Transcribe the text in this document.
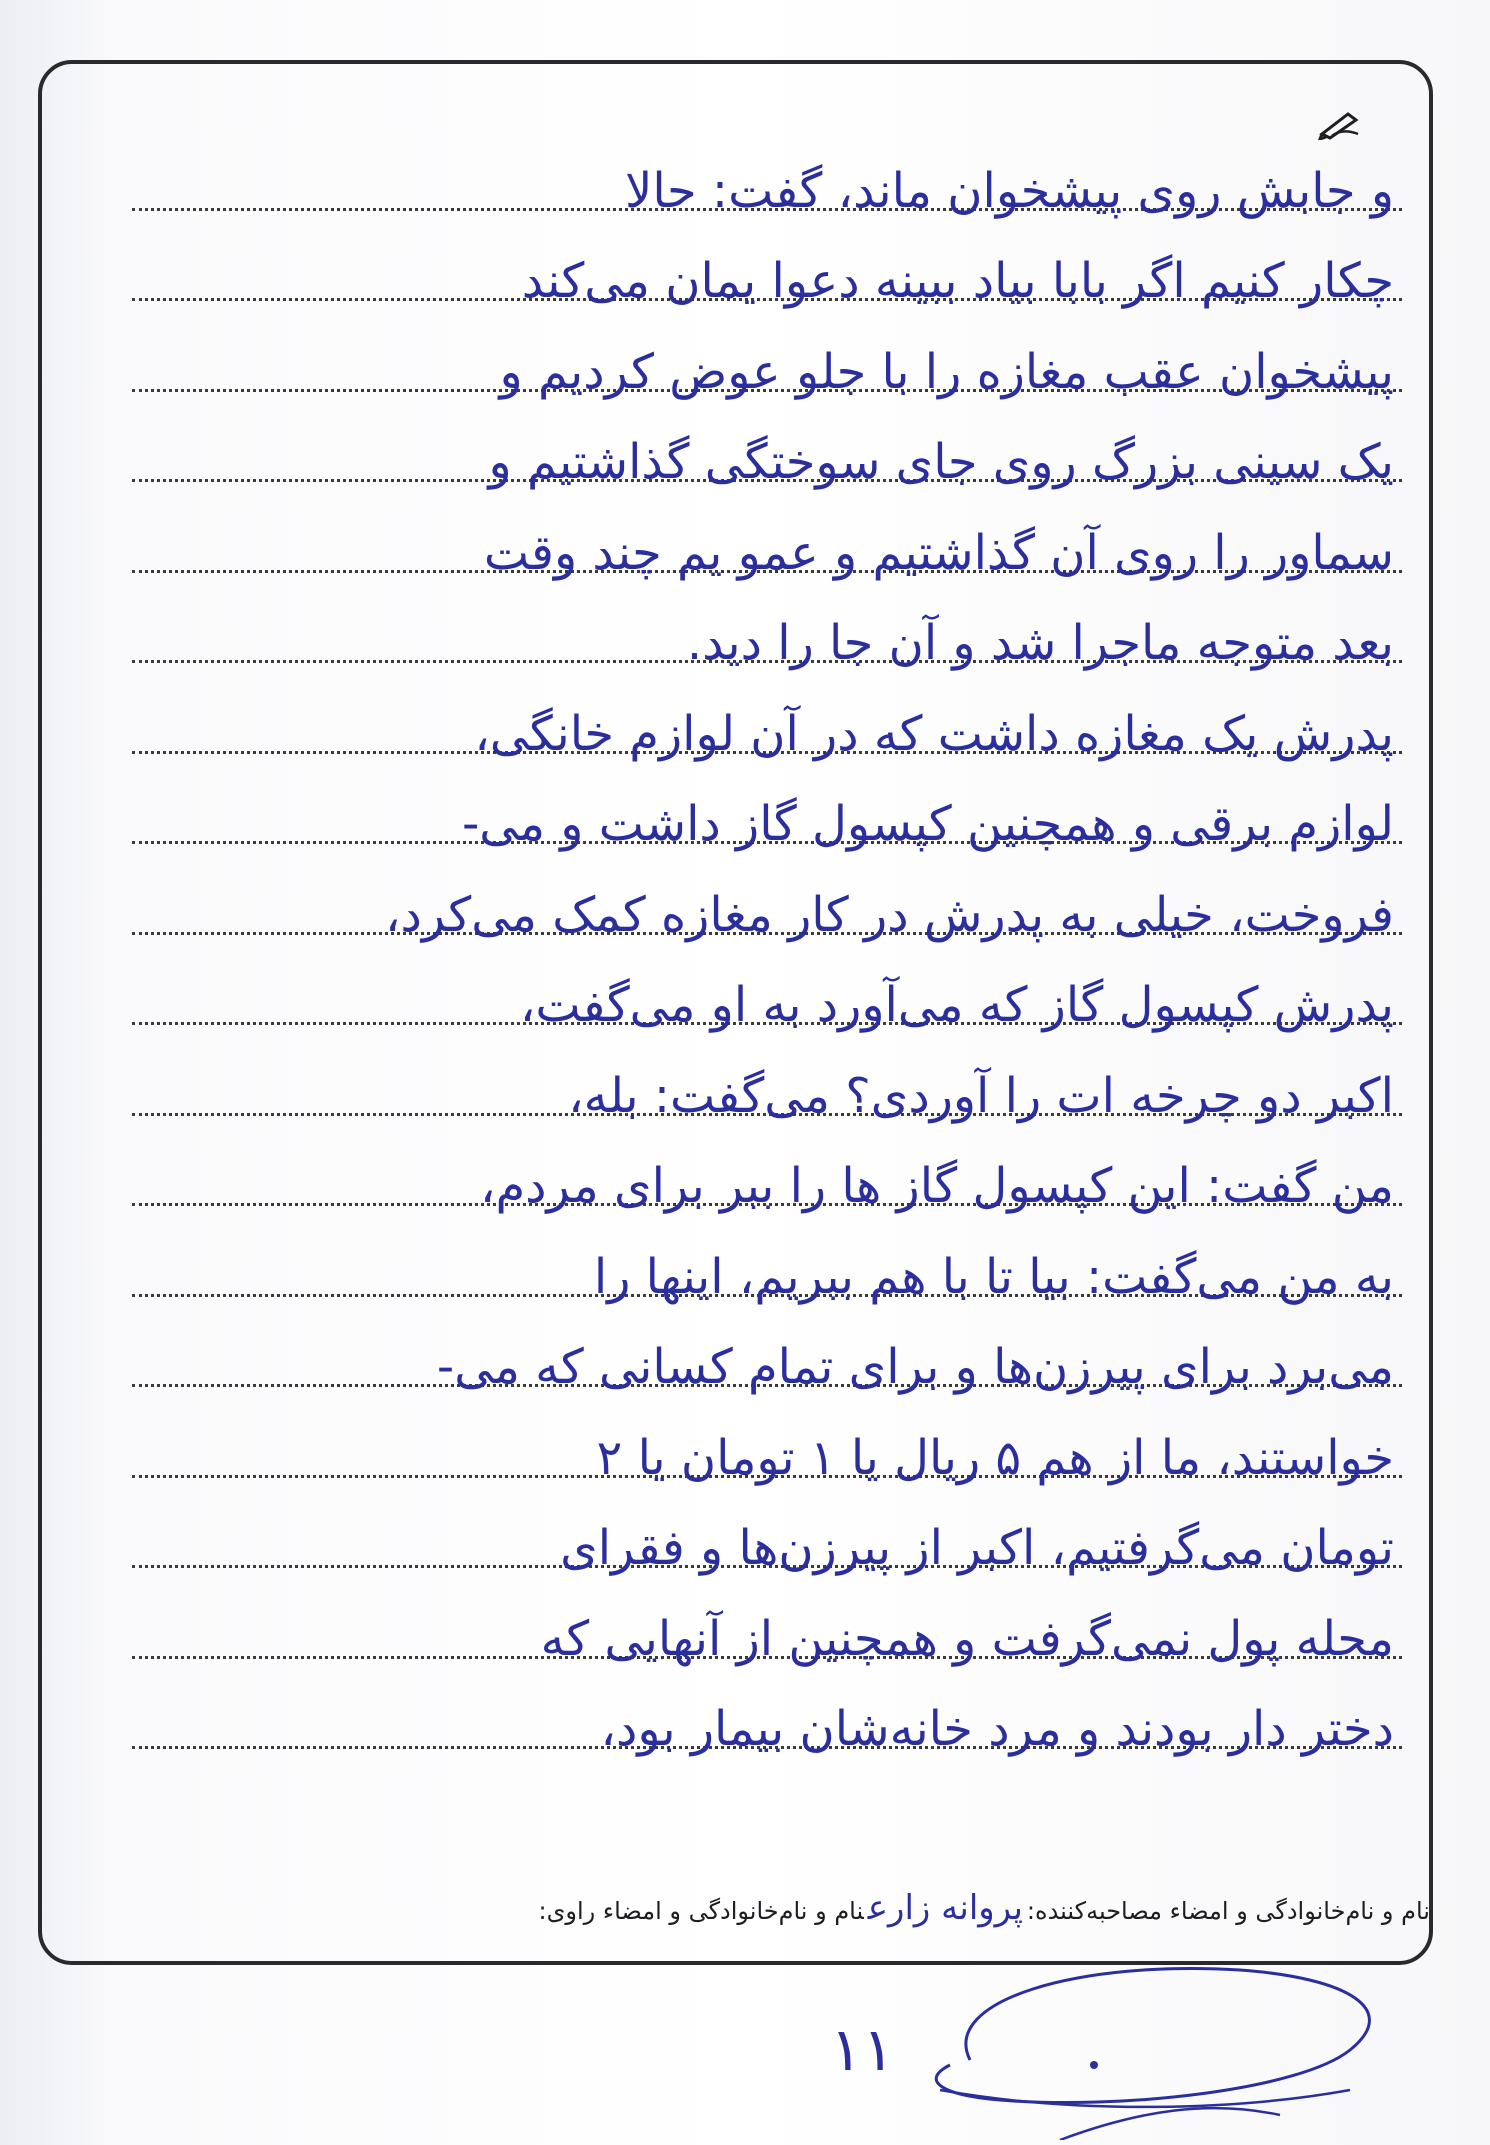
و جابش روی پیشخوان ماند، گفت: حالا
چکار کنیم اگر بابا بیاد ببینه دعوا یمان می‌کند
پیشخوان عقب مغازه را با جلو عوض کردیم و
یک سینی بزرگ روی جای سوختگی گذاشتیم و
سماور را روی آن گذاشتیم و عمو یم چند وقت
بعد متوجه ماجرا شد و آن جا را دید.
پدرش یک مغازه داشت که در آن لوازم خانگی،
لوازم برقی و همچنین کپسول گاز داشت و می-
فروخت، خیلی به پدرش در کار مغازه کمک می‌کرد،
پدرش کپسول گاز که می‌آورد به او می‌گفت،
اکبر دو چرخه ات را آوردی؟ می‌گفت: بله،
من گفت: این کپسول گاز ها را ببر برای مردم،
به من می‌گفت: بیا تا با هم ببریم، اینها را
می‌برد برای پیرزن‌ها و برای تمام کسانی که می-
خواستند، ما از هم ۵ ریال یا ۱ تومان یا ۲
تومان می‌گرفتیم، اکبر از پیرزن‌ها و فقرای
محله پول نمی‌گرفت و همچنین از آنهایی که
دختر دار بودند و مرد خانه‌شان بیمار بود،
نام و نام‌خانوادگی و امضاء مصاحبه‌کننده:پروانه زارعنام و نام‌خانوادگی و امضاء راوی:
۱۱
